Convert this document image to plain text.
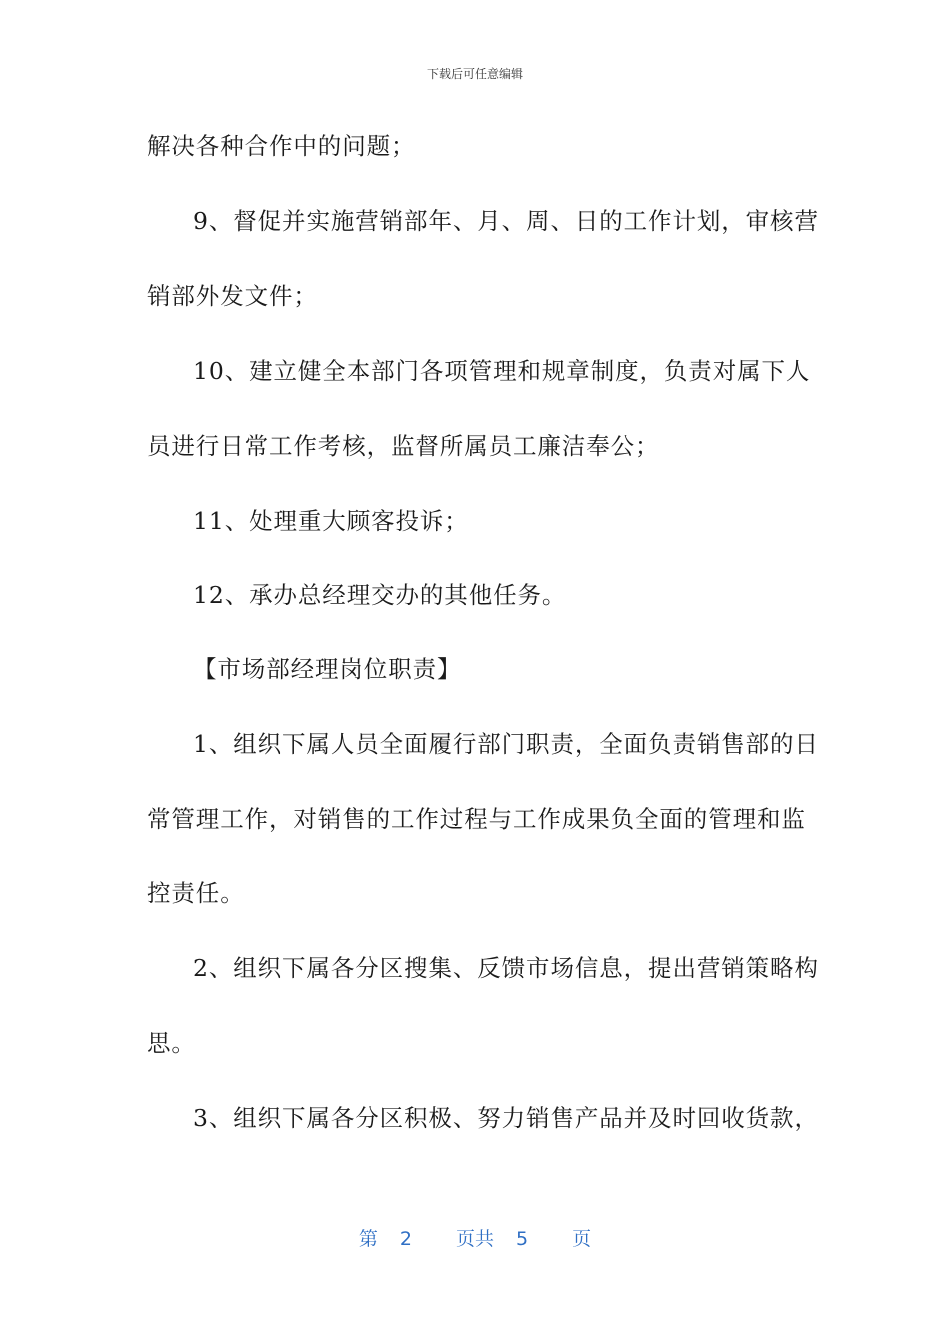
下载后可任意编辑
解决各种合作中的问题；
9、督促并实施营销部年、月、周、日的工作计划，审核营
销部外发文件；
10、建立健全本部门各项管理和规章制度，负责对属下人
员进行日常工作考核，监督所属员工廉洁奉公；
11、处理重大顾客投诉；
12、承办总经理交办的其他任务。
【市场部经理岗位职责】
1、组织下属人员全面履行部门职责，全面负责销售部的日
常管理工作，对销售的工作过程与工作成果负全面的管理和监
控责任。
2、组织下属各分区搜集、反馈市场信息，提出营销策略构
思。
3、组织下属各分区积极、努力销售产品并及时回收货款，
第 2 页共 5 页
